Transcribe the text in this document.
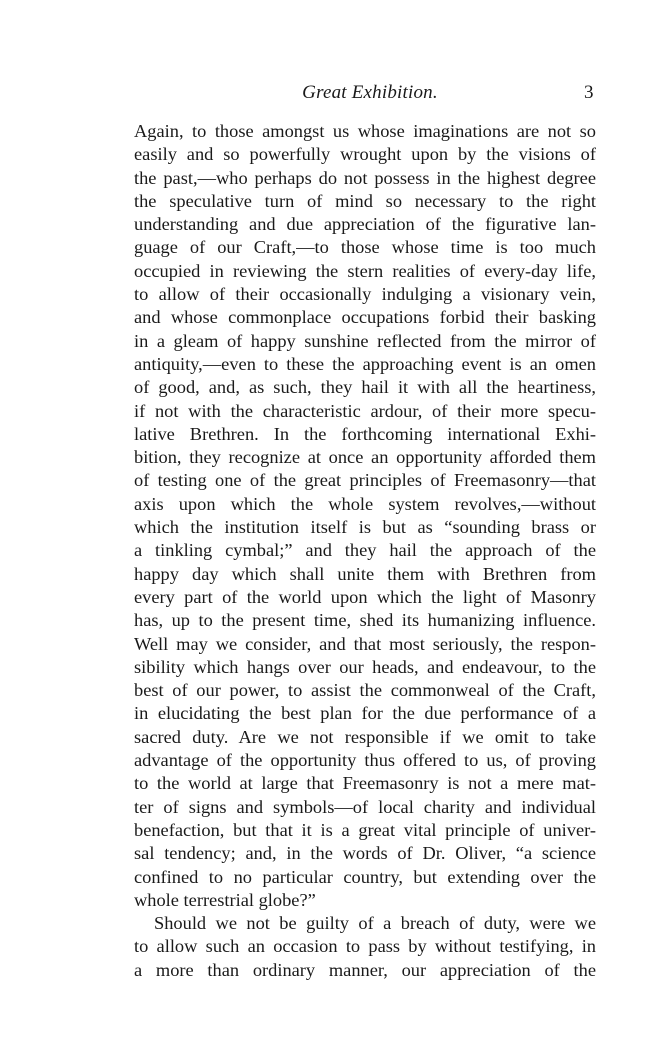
Great Exhibition.	3
Again, to those amongst us whose imaginations are not so
easily and so powerfully wrought upon by the visions of
the past,—who perhaps do not possess in the highest degree
the speculative turn of mind so necessary to the right
understanding and due appreciation of the figurative lan-
guage of our Craft,—to those whose time is too much
occupied in reviewing the stern realities of every-day life,
to allow of their occasionally indulging a visionary vein,
and whose commonplace occupations forbid their basking
in a gleam of happy sunshine reflected from the mirror of
antiquity,—even to these the approaching event is an omen
of good, and, as such, they hail it with all the heartiness,
if not with the characteristic ardour, of their more specu-
lative Brethren. In the forthcoming international Exhi-
bition, they recognize at once an opportunity afforded them
of testing one of the great principles of Freemasonry—that
axis upon which the whole system revolves,—without
which the institution itself is but as “sounding brass or
a tinkling cymbal;” and they hail the approach of the
happy day which shall unite them with Brethren from
every part of the world upon which the light of Masonry
has, up to the present time, shed its humanizing influence.
Well may we consider, and that most seriously, the respon-
sibility which hangs over our heads, and endeavour, to the
best of our power, to assist the commonweal of the Craft,
in elucidating the best plan for the due performance of a
sacred duty. Are we not responsible if we omit to take
advantage of the opportunity thus offered to us, of proving
to the world at large that Freemasonry is not a mere mat-
ter of signs and symbols—of local charity and individual
benefaction, but that it is a great vital principle of univer-
sal tendency; and, in the words of Dr. Oliver, “a science
confined to no particular country, but extending over the
whole terrestrial globe?”
Should we not be guilty of a breach of duty, were we
to allow such an occasion to pass by without testifying, in
a more than ordinary manner, our appreciation of the
